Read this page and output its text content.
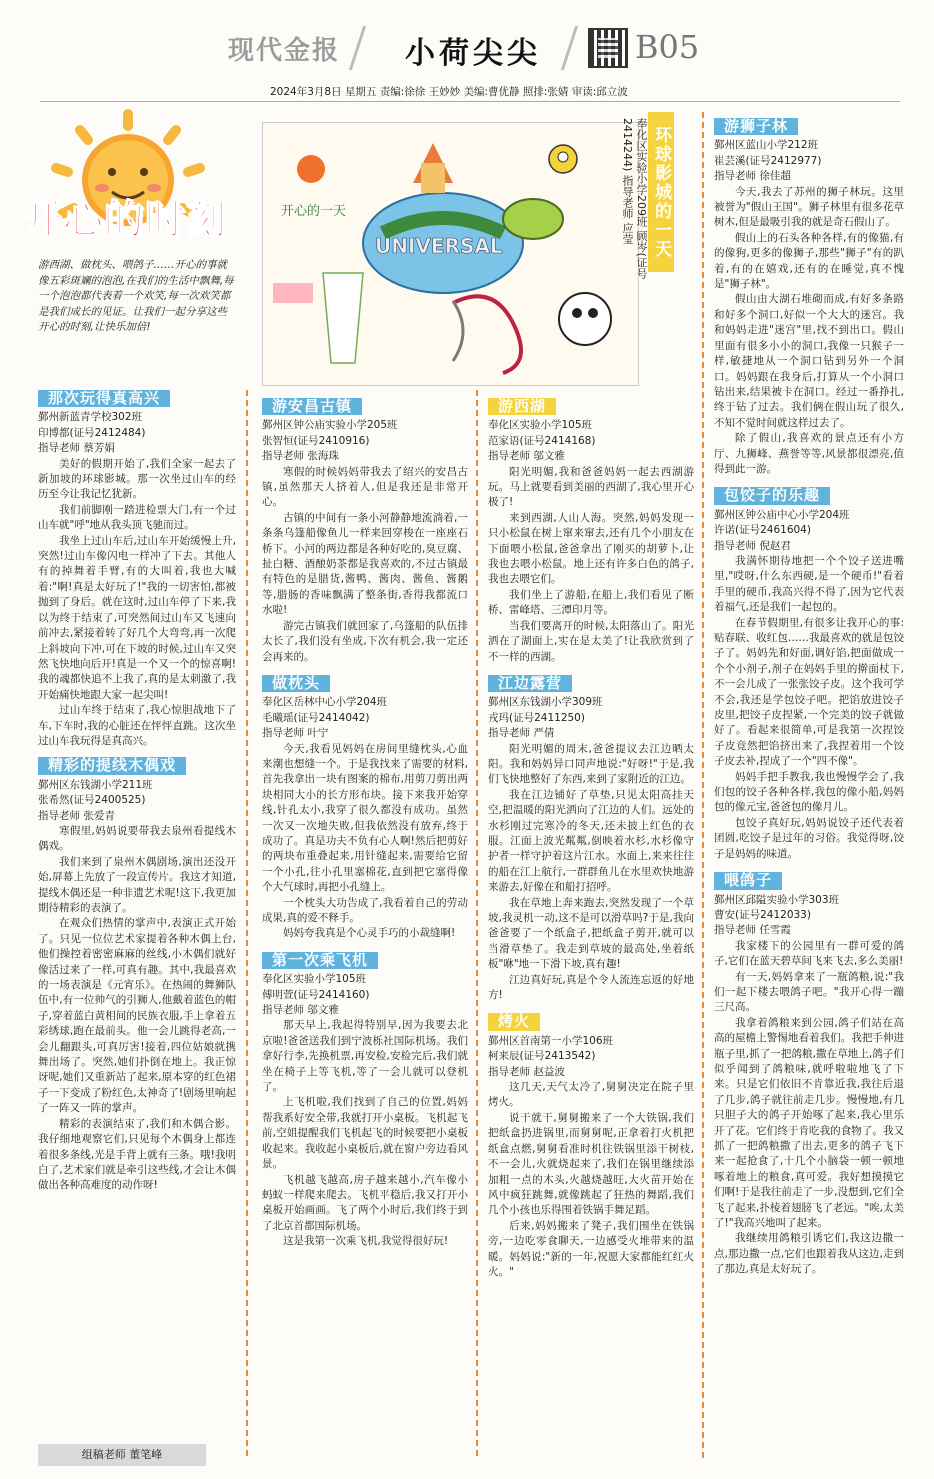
现代金报 小荷尖尖	B05
2024年3月8日 星期五 责编:徐徐 王妙妙 美编:曹优静 照排:张婧 审读:邱立波
开心的时刻
游西湖、做枕头、喂鸽子……开心的事就像五彩斑斓的泡泡,在我们的生活中飘舞,每一个泡泡都代表着一个欢笑,每一次欢笑都是我们成长的见证。让我们一起分享这些开心的时刻,让快乐加倍!
UNIVERSAL
开心的一天	环球影城的一天
奉化区实验小学209班 顾岑(证号2414244) 指导老师 应莹
那次玩得真高兴
鄞州新蓝青学校302班
印博都(证号2412484)
指导老师 蔡芳娟

美好的假期开始了,我们全家一起去了新加坡的环球影城。那一次坐过山车的经历至今让我记忆犹新。

我们前脚刚一踏进检票大门,有一个过山车就"呼"地从我头顶飞驰而过。

我坐上过山车后,过山车开始缓慢上升,突然!过山车像闪电一样冲了下去。其他人有的掉舞着手臂,有的大叫着,我也大喊着:"啊!真是太好玩了!"我的一切害怕,都被抛到了身后。就在这时,过山车停了下来,我以为终于结束了,可突然间过山车又飞速向前冲去,紧接着转了好几个大弯弯,再一次爬上斜坡向下冲,可在下坡的时候,过山车又突然飞快地向后开!真是一个又一个的惊喜啊!我的魂都快追不上我了,真的是太刺激了,我开始痛快地跟大家一起尖叫!

过山车终于结束了,我心惊胆战地下了车,下车时,我的心脏还在怦怦直跳。这次坐过山车我玩得是真高兴。

精彩的提线木偶戏
鄞州区东钱湖小学211班
张希然(证号2400525)
指导老师 张爱青

寒假里,妈妈说要带我去泉州看提线木偶戏。

我们来到了泉州木偶剧场,演出还没开始,屏幕上先放了一段宣传片。我这才知道,提线木偶还是一种非遗艺术呢!这下,我更加期待精彩的表演了。

在观众们热情的掌声中,表演正式开始了。只见一位位艺术家提着各种木偶上台,他们操控着密密麻麻的丝线,小木偶们就好像活过来了一样,可真有趣。其中,我最喜欢的一场表演是《元宵乐》。在热闹的舞狮队伍中,有一位帅气的引狮人,他戴着蓝色的帽子,穿着蓝白黄相间的民族衣服,手上拿着五彩绣球,跑在最前头。他一会儿跳得老高,一会儿翻跟头,可真厉害!接着,四位姑娘就携舞出场了。突然,她们扑倒在地上。我正惊讶呢,她们又重新站了起来,原本穿的红色裙子一下变成了粉红色,太神奇了!剧场里响起了一阵又一阵的掌声。

精彩的表演结束了,我们和木偶合影。我仔细地观察它们,只见每个木偶身上都连着很多条线,光是手背上就有三条。哦!我明白了,艺术家们就是牵引这些线,才会让木偶做出各种高难度的动作呀!

组稿老师 董笔峰
游安昌古镇
鄞州区钟公庙实验小学205班
张智恒(证号2410916)
指导老师 张海珠

寒假的时候妈妈带我去了绍兴的安昌古镇,虽然那天人挤着人,但是我还是非常开心。

古镇的中间有一条小河静静地流淌着,一条条乌篷船像鱼儿一样来回穿梭在一座座石桥下。小河的两边都是各种好吃的,臭豆腐、扯白糖、酒酿奶茶都是我喜欢的,不过古镇最有特色的是腊货,酱鸭、酱肉、酱鱼、酱鹅等,腊肠的香味飘满了整条街,香得我都流口水啦!

游完古镇我们就回家了,乌篷船的队伍排太长了,我们没有坐成,下次有机会,我一定还会再来的。

做枕头
奉化区岳林中心小学204班
毛曦瑶(证号2414042)
指导老师 叶宁

今天,我看见妈妈在房间里缝枕头,心血来潮也想缝一个。于是我找来了需要的材料,首先我拿出一块有图案的棉布,用剪刀剪出两块相同大小的长方形布块。接下来我开始穿线,针孔太小,我穿了很久都没有成功。虽然一次又一次地失败,但我依然没有放弃,终于成功了。真是功夫不负有心人啊!然后把剪好的两块布重叠起来,用针缝起来,需要给它留一个小孔,往小孔里塞棉花,直到把它塞得像个大气球时,再把小孔缝上。

一个枕头大功告成了,我看着自己的劳动成果,真的爱不释手。

妈妈夸我真是个心灵手巧的小裁缝啊!

第一次乘飞机
奉化区实验小学105班
傅明萱(证号2414160)
指导老师 邬文雅

那天早上,我起得特别早,因为我要去北京啦!爸爸送我们到宁波栎社国际机场。我们拿好行李,先换机票,再安检,安检完后,我们就坐在椅子上等飞机,等了一会儿就可以登机了。

上飞机啦,我们找到了自己的位置,妈妈帮我系好安全带,我就打开小桌板。飞机起飞前,空姐提醒我们飞机起飞的时候要把小桌板收起来。我收起小桌板后,就在窗户旁边看风景。

飞机越飞越高,房子越来越小,汽车像小蚂蚁一样爬来爬去。飞机平稳后,我又打开小桌板开始画画。飞了两个小时后,我们终于到了北京首都国际机场。

这是我第一次乘飞机,我觉得很好玩!

游西湖
奉化区实验小学105班
范家语(证号2414168)
指导老师 邬文雅

阳光明媚,我和爸爸妈妈一起去西湖游玩。马上就要看到美丽的西湖了,我心里开心极了!

来到西湖,人山人海。突然,妈妈发现一只小松鼠在树上窜来窜去,还有几个小朋友在下面喂小松鼠,爸爸拿出了刚买的胡萝卜,让我也去喂小松鼠。地上还有许多白色的鸽子,我也去喂它们。

我们坐上了游船,在船上,我们看见了断桥、雷峰塔、三潭印月等。

当我们要离开的时候,太阳落山了。阳光洒在了湖面上,实在是太美了!让我欣赏到了不一样的西湖。

江边露营
鄞州区东钱湖小学309班
戎玛(证号2411250)
指导老师 严倩

阳光明媚的周末,爸爸提议去江边晒太阳。我和妈妈异口同声地说:"好呀!"于是,我们飞快地整好了东西,来到了家附近的江边。

我在江边铺好了草垫,只见太阳高挂天空,把温暖的阳光洒向了江边的人们。远处的水杉刚过完寒冷的冬天,还未披上红色的衣服。江面上波光粼粼,倒映着水杉,水杉像守护者一样守护着这片江水。水面上,来来往往的船在江上航行,一群群鱼儿在水里欢快地游来游去,好像在和船打招呼。

我在草地上奔来跑去,突然发现了一个草坡,我灵机一动,这不是可以滑草吗?于是,我向爸爸要了一个纸盒子,把纸盒子剪开,就可以当滑草垫了。我走到草坡的最高处,坐着纸板"咻"地一下滑下坡,真有趣!

江边真好玩,真是个令人流连忘返的好地方!

烤火
鄞州区首南第一小学106班
柯来辰(证号2413542)
指导老师 赵益波

这几天,天气太冷了,舅舅决定在院子里烤火。

说干就干,舅舅搬来了一个大铁锅,我们把纸盒扔进锅里,而舅舅呢,正拿着打火机把纸盒点燃,舅舅看准时机往铁锅里添干树枝,不一会儿,火就烧起来了,我们在锅里继续添加粗一点的木头,火越烧越旺,大火苗开始在风中疯狂跳舞,就像跳起了狂热的舞蹈,我们几个小孩也乐得围着铁锅手舞足蹈。

后来,妈妈搬来了凳子,我们围坐在铁锅旁,一边吃零食聊天,一边感受火堆带来的温暖。妈妈说:"新的一年,祝愿大家都能红红火火。"

游狮子林
鄞州区蓝山小学212班
崔芸溪(证号2412977)
指导老师 徐佳超

今天,我去了苏州的狮子林玩。这里被誉为"假山王国"。狮子林里有很多花草树木,但是最吸引我的就是奇石假山了。

假山上的石头各种各样,有的像猫,有的像狗,更多的像狮子,那些"狮子"有的趴着,有的在嬉戏,还有的在睡觉,真不愧是"狮子林"。

假山由大湖石堆砌而成,有好多条路和好多个洞口,好似一个大大的迷宫。我和妈妈走进"迷宫"里,找不到出口。假山里面有很多小小的洞口,我像一只猴子一样,敏捷地从一个洞口钻到另外一个洞口。妈妈跟在我身后,打算从一个小洞口钻出来,结果被卡在洞口。经过一番挣扎,终于钻了过去。我们俩在假山玩了很久,不知不觉时间就这样过去了。

除了假山,我喜欢的景点还有小方厅、九狮峰、燕誉等等,风景都很漂亮,值得到此一游。

包饺子的乐趣
鄞州区钟公庙中心小学204班
许诺(证号2461604)
指导老师 倪赵君

我满怀期待地把一个个饺子送进嘴里,"哎呀,什么东西硬,是一个硬币!"看着手里的硬币,我高兴得不得了,因为它代表着福气,还是我们一起包的。

在春节假期里,有很多让我开心的事:贴春联、收红包……我最喜欢的就是包饺子了。妈妈先和好面,调好馅,把面做成一个个小剂子,剂子在妈妈手里的擀面杖下,不一会儿成了一张张饺子皮。这个我可学不会,我还是学包饺子吧。把馅放进饺子皮里,把饺子皮捏紧,一个完美的饺子就做好了。看起来很简单,可是我第一次捏饺子皮竟然把馅挤出来了,我捏着用一个饺子皮去补,捏成了一个"四不像"。

妈妈手把手教我,我也慢慢学会了,我们包的饺子各种各样,我包的像小船,妈妈包的像元宝,爸爸包的像月儿。

包饺子真好玩,妈妈说饺子还代表着团圆,吃饺子是过年的习俗。我觉得呀,饺子是妈妈的味道。

喂鸽子
鄞州区邱隘实验小学303班
曹安(证号2412033)
指导老师 任雪霞

我家楼下的公园里有一群可爱的鸽子,它们在蓝天碧草间飞来飞去,多么美丽!

有一天,妈妈拿来了一瓶鸽粮,说:"我们一起下楼去喂鸽子吧。"我开心得一蹦三尺高。

我拿着鸽粮来到公园,鸽子们站在高高的屋檐上警惕地看着我们。我把手伸进瓶子里,抓了一把鸽粮,撒在草地上,鸽子们似乎闻到了鸽粮味,就呼啦啦地飞了下来。只是它们依旧不肯靠近我,我往后退了几步,鸽子就往前走几步。慢慢地,有几只胆子大的鸽子开始啄了起来,我心里乐开了花。它们终于肯吃我的食物了。我又抓了一把鸽粮撒了出去,更多的鸽子飞下来一起抢食了,十几个小脑袋一顿一顿地啄着地上的粮食,真可爱。我好想摸摸它们啊!于是我往前走了一步,没想到,它们全飞了起来,扑棱着翅膀飞了老远。"唉,太美了!"我高兴地叫了起来。

我继续用鸽粮引诱它们,我这边撒一点,那边撒一点,它们也跟着我从这边,走到了那边,真是太好玩了。
